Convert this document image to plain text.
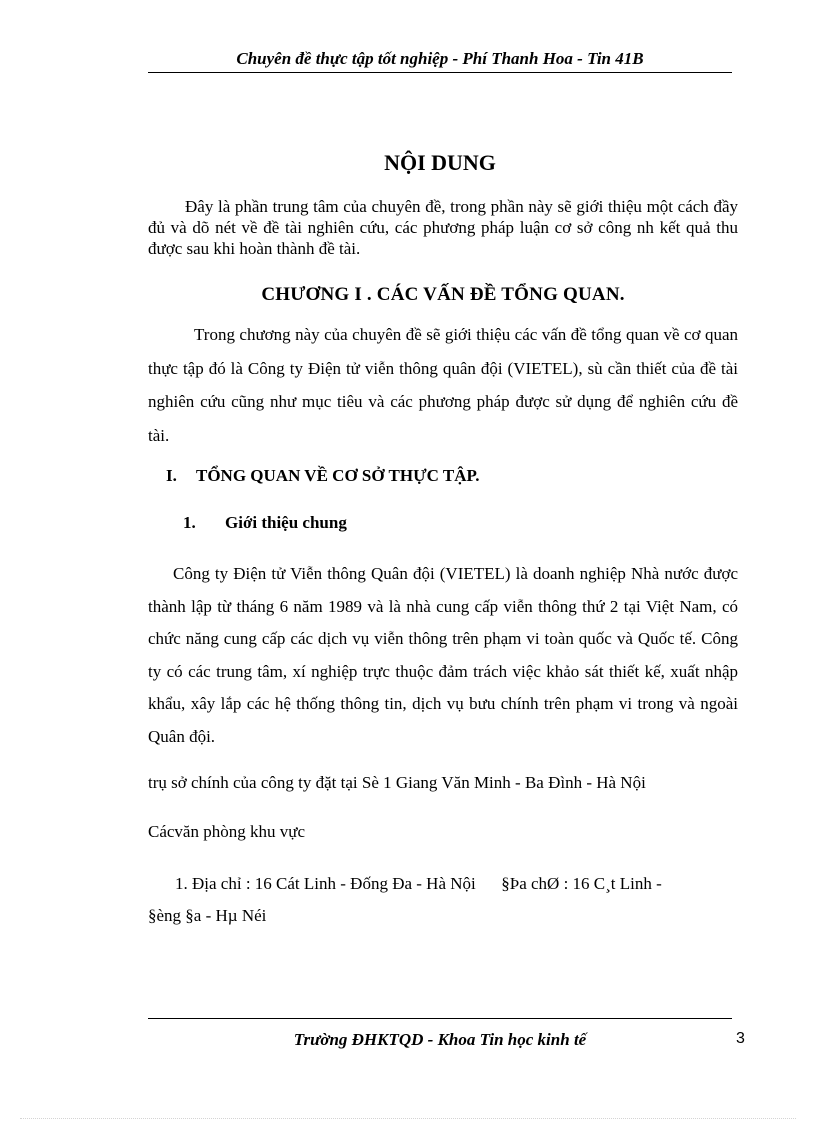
Chuyên đề thực tập tốt nghiệp - Phí Thanh Hoa - Tin 41B
NỘI DUNG
Đây là phần trung tâm của chuyên đề, trong phần này sẽ giới thiệu một cách đầy đủ và dõ nét về đề tài nghiên cứu, các phương pháp luận cơ sở công nh kết quả thu được sau khi hoàn thành đề tài.
CHƯƠNG I . CÁC VẤN ĐỀ TỔNG QUAN.
Trong chương này của chuyên đề sẽ giới thiệu các vấn đề tổng quan về cơ quan thực tập đó là Công ty Điện tử viễn thông quân đội (VIETEL), sù cần thiết của đề tài nghiên cứu cũng như mục tiêu và các phương pháp được sử dụng để nghiên cứu đề tài.
I. TỔNG QUAN VỀ CƠ SỞ THỰC TẬP.
1. Giới thiệu chung
Công ty Điện tử Viễn thông Quân đội (VIETEL) là doanh nghiệp Nhà nước được thành lập từ tháng 6 năm 1989 và là nhà cung cấp viễn thông thứ 2 tại Việt Nam, có chức năng cung cấp các dịch vụ viễn thông trên phạm vi toàn quốc và Quốc tế. Công ty có các trung tâm, xí nghiệp trực thuộc đảm trách việc khảo sát thiết kế, xuất nhập khẩu, xây lắp các hệ thống thông tin, dịch vụ bưu chính trên phạm vi trong và ngoài Quân đội.
trụ sở chính của công ty đặt tại Sè 1 Giang Văn Minh - Ba Đình - Hà Nội
Cácvăn phòng khu vực
1. Địa chỉ : 16 Cát Linh - Đống Đa - Hà Nội      §Þa chØ : 16 C¸t Linh -
§èng §a - Hµ Néi
Trường ĐHKTQD - Khoa Tin học kinh tế	3
